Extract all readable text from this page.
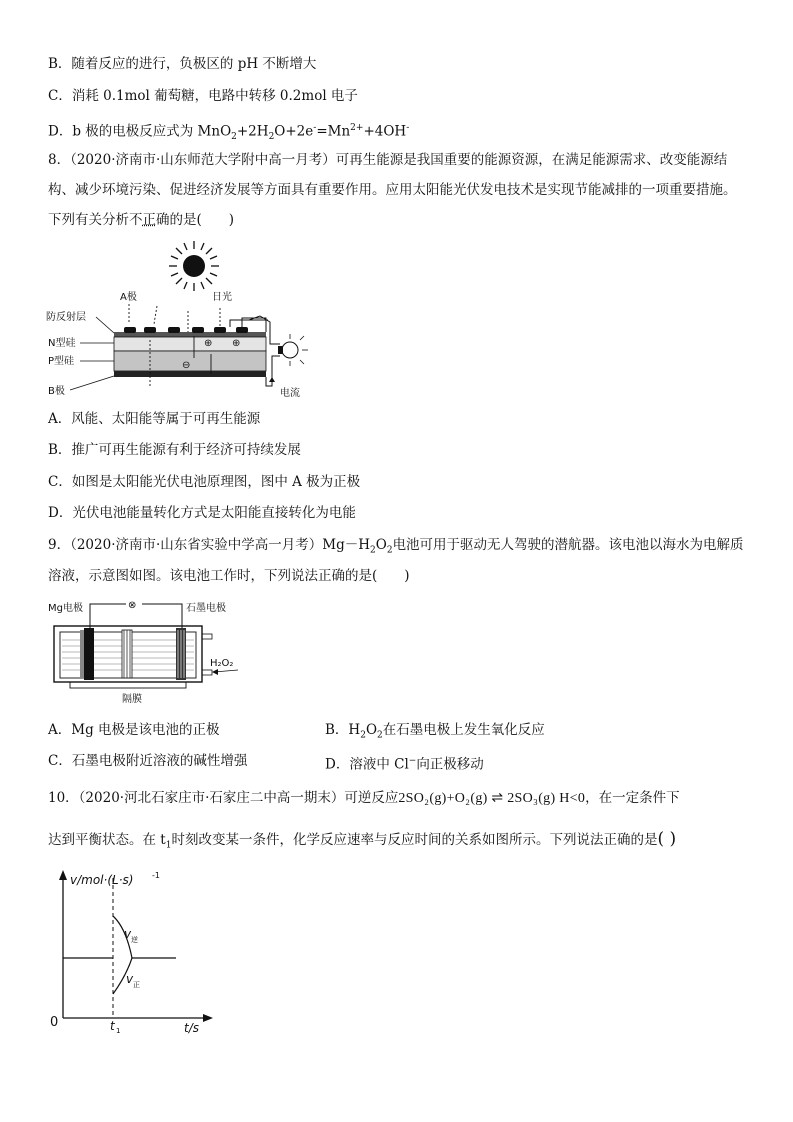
B．随着反应的进行，负极区的 pH 不断增大
C．消耗 0.1mol 葡萄糖，电路中转移 0.2mol 电子
D．b 极的电极反应式为 $MnO_2+2H_2O+2e^-=Mn^{2+}+4OH^-$
8．（2020·济南市·山东师范大学附中高一月考）可再生能源是我国重要的能源资源，在满足能源需求、改变能源结
构、减少环境污染、促进经济发展等方面具有重要作用。应用太阳能光伏发电技术是实现节能减排的一项重要措施。
下列有关分析不正确的是(　　)
A极	日光
防反射层
N型硅
P型硅
B极	电流
⊕ ⊕
⊖
A．风能、太阳能等属于可再生能源
B．推广可再生能源有利于经济可持续发展
C．如图是太阳能光伏电池原理图，图中 A 极为正极
D．光伏电池能量转化方式是太阳能直接转化为电能
9．（2020·济南市·山东省实验中学高一月考）$Mg-H_2O_2$电池可用于驱动无人驾驶的潜航器。该电池以海水为电解质
溶液，示意图如图。该电池工作时，下列说法正确的是(　　)
Mg电极	石墨电极
⊗
H₂O₂
隔膜
A．Mg 电极是该电池的正极	B．$H_2O_2$在石墨电极上发生氧化反应
C．石墨电极附近溶液的碱性增强	D．溶液中 Cl−向正极移动
10．（2020·河北石家庄市·石家庄二中高一期末）可逆反应2SO₂(g)+O₂(g) ⇌ 2SO₃(g) H<0，在一定条件下
达到平衡状态。在 $t_1$时刻改变某一条件，化学反应速率与反应时间的关系如图所示。下列说法正确的是( )
v/mol·(L·s) -1
0	t/s
t 1
v 逆
v 正
